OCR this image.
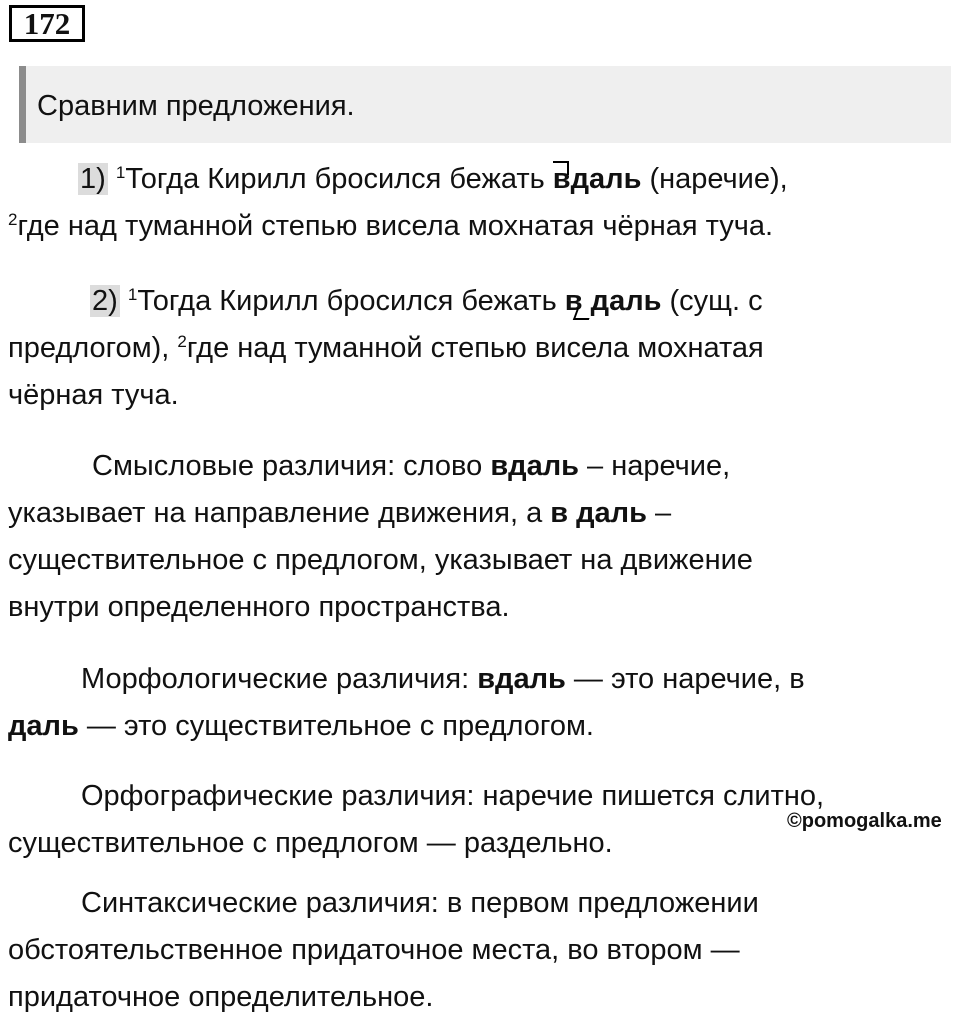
172
Сравним предложения.
1) $^1$Тогда Кирилл бросился бежать
вдаль (наречие),
$^2$где над туманной степью висела мохнатая чёрная туча.
2) $^1$Тогда Кирилл бросился бежать в даль (сущ. с
предлогом), $^2$где над туманной степью висела мохнатая
чёрная туча.
Смысловые различия: слово вдаль – наречие,
указывает на направление движения, а в даль –
существительное с предлогом, указывает на движение
внутри определенного пространства.
Морфологические различия: вдаль — это наречие, в
даль — это существительное с предлогом.
Орфографические различия: наречие пишется слитно,
существительное с предлогом — раздельно.
Синтаксические различия: в первом предложении
обстоятельственное придаточное места, во втором —
придаточное определительное.
©pomogalka.me
